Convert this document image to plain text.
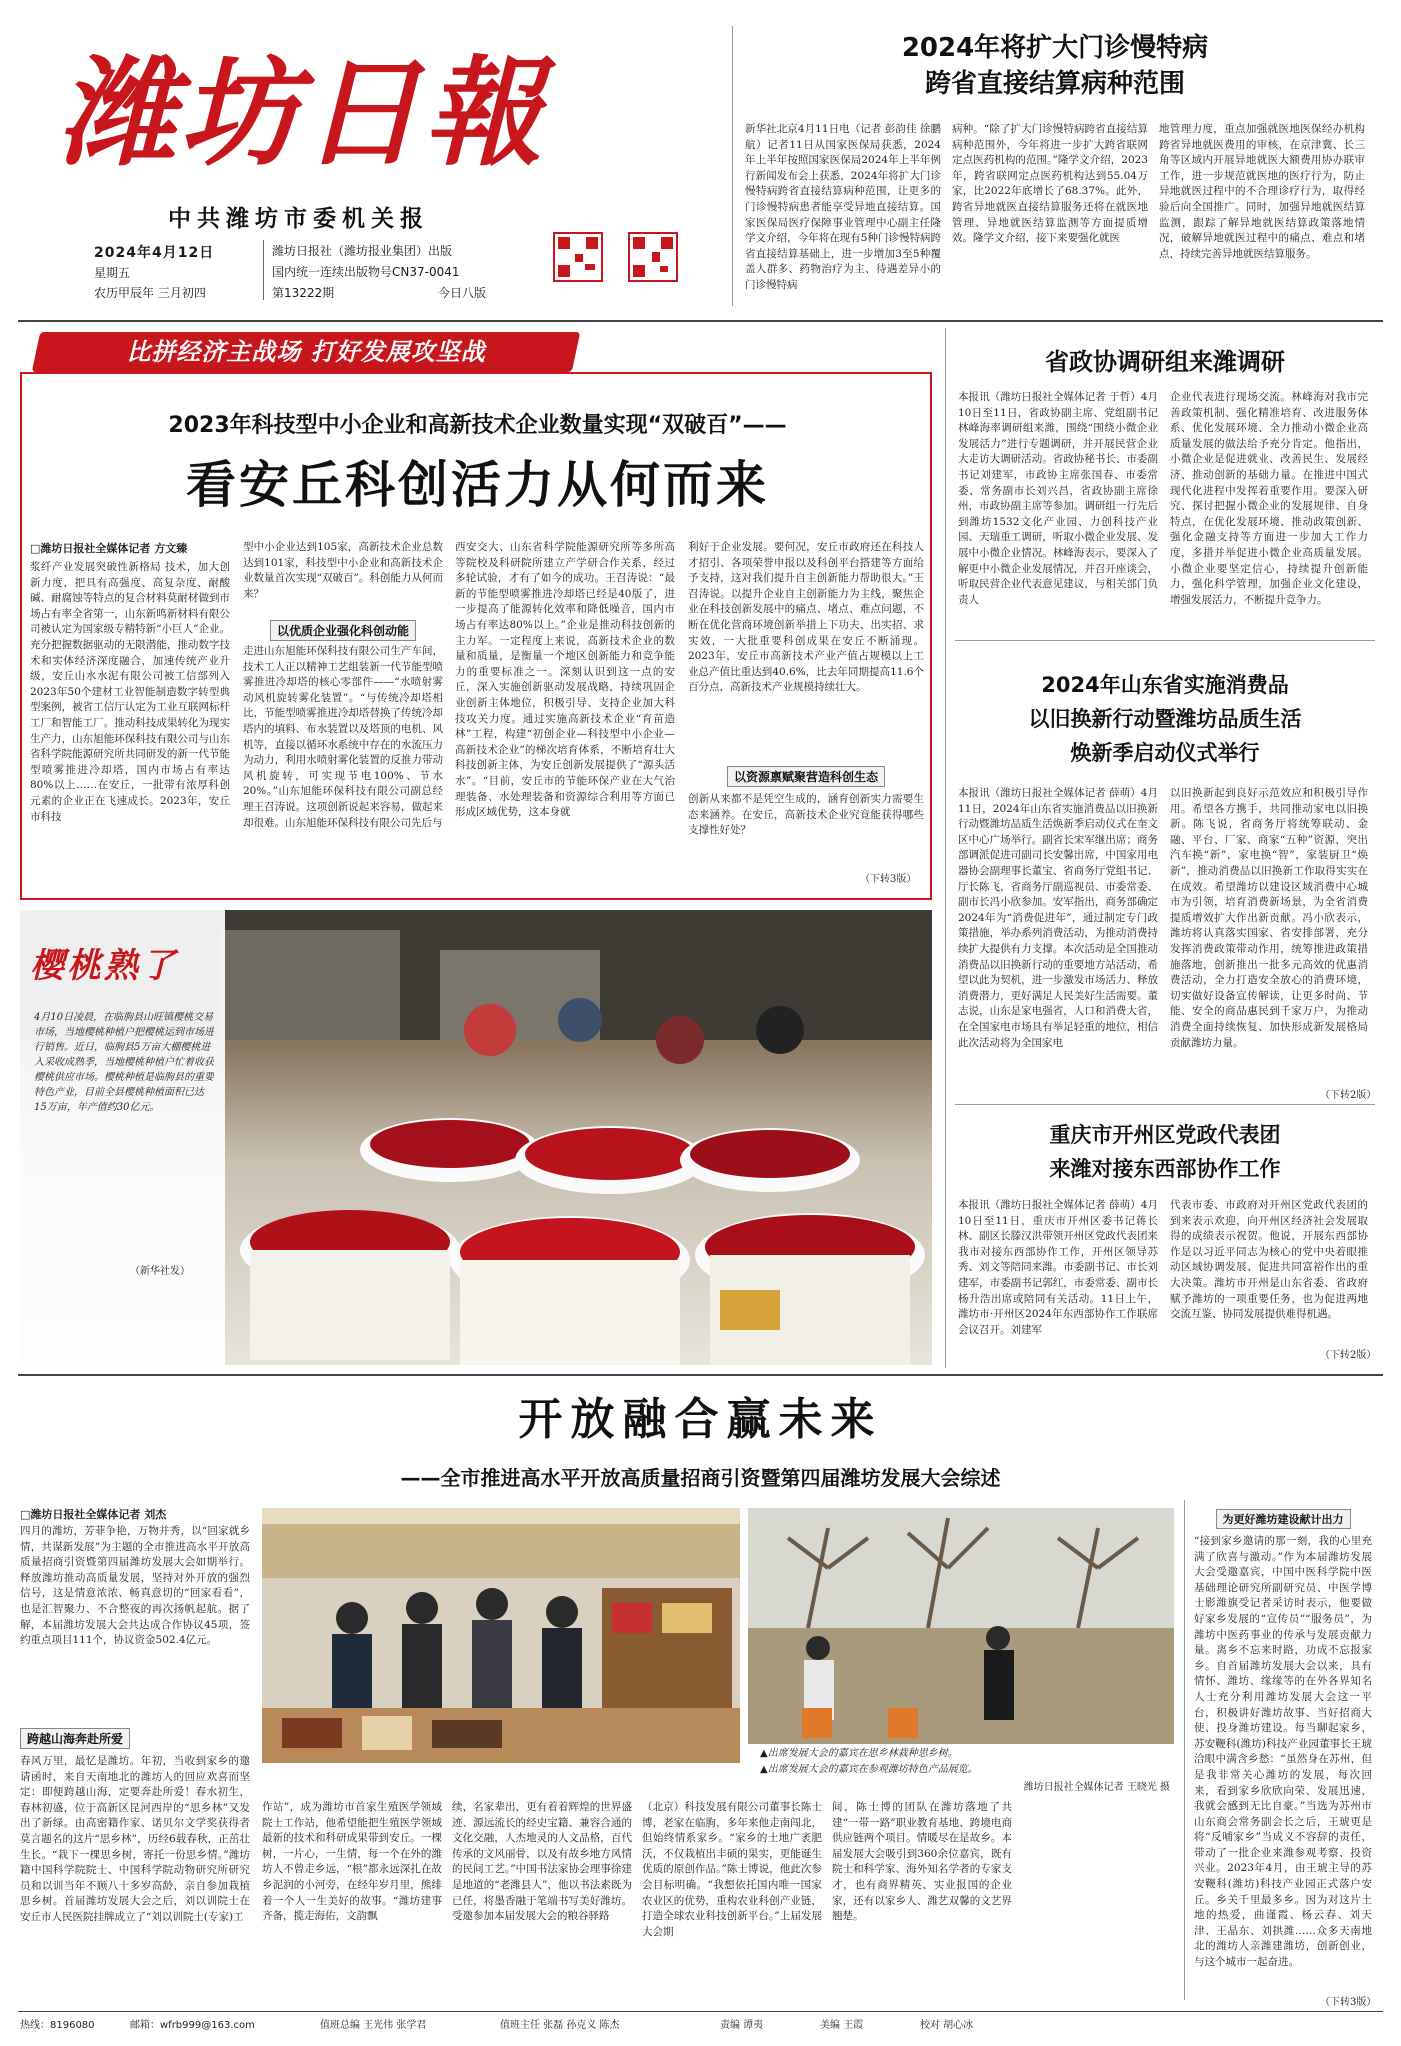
潍坊日報
中共潍坊市委机关报
2024年4月12日
星期五
农历甲辰年 三月初四
潍坊日报社（潍坊报业集团）出版
国内统一连续出版物号CN37-0041
第13222期	今日八版
2024年将扩大门诊慢特病
跨省直接结算病种范围
新华社北京4月11日电（记者 彭韵佳 徐鹏航）记者11日从国家医保局获悉，2024年上半年按照国家医保局2024年上半年例行新闻发布会上获悉，2024年将扩大门诊慢特病跨省直接结算病种范围，让更多的门诊慢特病患者能享受异地直接结算。国家医保局医疗保障事业管理中心副主任隆学文介绍，今年将在现有5种门诊慢特病跨省直接结算基础上，进一步增加3至5种覆盖人群多、药物治疗为主、待遇差异小的门诊慢特病
病种。“除了扩大门诊慢特病跨省直接结算病种范围外，今年将进一步扩大跨省联网定点医药机构的范围。”隆学文介绍，2023年，跨省联网定点医药机构达到55.04万家，比2022年底增长了68.37%。此外，跨省异地就医直接结算服务还将在就医地管理、异地就医结算监测等方面提质增效。隆学文介绍，接下来要强化就医
地管理力度，重点加强就医地医保经办机构跨省异地就医费用的审核，在京津冀、长三角等区域内开展异地就医大额费用协办联审工作，进一步规范就医地的医疗行为，防止异地就医过程中的不合理诊疗行为，取得经验后向全国推广。同时，加强异地就医结算监测，跟踪了解异地就医结算政策落地情况，破解异地就医过程中的痛点、难点和堵点，持续完善异地就医结算服务。
比拼经济主战场 打好发展攻坚战
2023年科技型中小企业和高新技术企业数量实现“双破百”——
看安丘科创活力从何而来
□潍坊日报社全媒体记者 方文臻
浆纤产业发展突破性新格局 技术，加大创新力度，把具有高强度、高复杂度、耐酸碱、耐腐蚀等特点的复合材料莫耐材做到市场占有率全省第一，山东新鸣新材料有限公司被认定为国家级专精特新“小巨人”企业。充分把握数据驱动的无限潜能，推动数字技术和实体经济深度融合，加速传统产业升级，安丘山水水泥有限公司被工信部列入2023年50个建材工业智能制造数字转型典型案例，被省工信厅认定为工业互联网标杆工厂和智能工厂。推动科技成果转化为现实生产力，山东旭能环保科技有限公司与山东省科学院能源研究所共同研发的新一代节能型喷雾推进冷却塔，国内市场占有率达80%以上……在安丘，一批带有浓厚科创元素的企业正在飞速成长。2023年，安丘市科技
型中小企业达到105家，高新技术企业总数达到101家，科技型中小企业和高新技术企业数量首次实现“双破百”。科创能力从何而来？
以优质企业强化科创动能
走进山东旭能环保科技有限公司生产车间，技术工人正以精神工艺组装新一代节能型喷雾推进冷却塔的核心零部件——“水喷射雾动风机旋转雾化装置”。“与传统冷却塔相比，节能型喷雾推进冷却塔替换了传统冷却塔内的填料、布水装置以及塔顶的电机、风机等，直接以循环水系统中存在的水流压力为动力，利用水喷射雾化装置的反推力带动风机旋转，可实现节电100%、节水20%。”山东旭能环保科技有限公司副总经理王召涛说。这项创新说起来容易，做起来却很难。山东旭能环保科技有限公司先后与
西安交大、山东省科学院能源研究所等多所高等院校及科研院所建立产学研合作关系，经过多轮试验，才有了如今的成功。王召涛说：“最新的节能型喷雾推进冷却塔已经是40版了，进一步提高了能源转化效率和降低噪音，国内市场占有率达80%以上。”企业是推动科技创新的主力军。一定程度上来说，高新技术企业的数量和质量，是衡量一个地区创新能力和竞争能力的重要标准之一。深刻认识到这一点的安丘，深入实施创新驱动发展战略，持续巩固企业创新主体地位，积极引导、支持企业加大科技攻关力度。通过实施高新技术企业“育苗造林”工程，构建“初创企业—科技型中小企业—高新技术企业”的梯次培育体系，不断培育壮大科技创新主体，为安丘创新发展提供了“源头活水”。“目前，安丘市的节能环保产业在大气治理装备、水处理装备和资源综合利用等方面已形成区域优势，这本身就
利好于企业发展。要何况，安丘市政府还在科技人才招引、各项荣誉申报以及科创平台搭建等方面给予支持，这对我们提升自主创新能力帮助很大。”王召涛说。以提升企业自主创新能力为主线，聚焦企业在科技创新发展中的痛点、堵点、难点问题，不断在优化营商环境创新举措上下功夫、出实招、求实效，一大批重要科创成果在安丘不断涌现。2023年，安丘市高新技术产业产值占规模以上工业总产值比重达到40.6%，比去年同期提高11.6个百分点，高新技术产业规模持续壮大。
以资源禀赋聚营造科创生态
创新从来都不是凭空生成的，涵育创新实力需要生态来涵养。在安丘，高新技术企业究竟能获得哪些支撑性好处？
（下转3版）
樱桃熟了
4月10日凌晨，在临朐县山旺镇樱桃交易市场，当地樱桃种植户把樱桃运到市场进行销售。近日，临朐县5万亩大棚樱桃进入采收成熟季，当地樱桃种植户忙着收获樱桃供应市场。樱桃种植是临朐县的重要特色产业，目前全县樱桃种植面积已达15万亩，年产值约30亿元。
（新华社发）
省政协调研组来潍调研
本报讯（潍坊日报社全媒体记者 于哲）4月10日至11日，省政协副主席、党组副书记林峰海率调研组来潍，围绕“围绕小微企业发展活力”进行专题调研，并开展民营企业大走访大调研活动。省政协秘书长、市委副书记刘建军，市政协主席张国春、市委常委、常务副市长刘兴昌，省政协副主席徐州，市政协副主席等参加。调研组一行先后到潍坊1532文化产业园、力创科技产业园、天瑞重工调研，听取小微企业发展、发展中小微企业情况。林峰海表示，要深入了解更中小微企业发展情况，并召开座谈会，听取民营企业代表意见建议，与相关部门负责人
企业代表进行现场交流。林峰海对我市完善政策机制、强化精准培育、改进服务体系、优化发展环境、全力推动小微企业高质量发展的做法给予充分肯定。他指出，小微企业是促进就业、改善民生、发展经济、推动创新的基础力量。在推进中国式现代化进程中发挥着重要作用。要深入研究、探讨把握小微企业的发展规律、自身特点，在优化发展环境、推动政策创新、强化金融支持等方面进一步加大工作力度，多措并举促进小微企业高质量发展。小微企业要坚定信心，持续提升创新能力，强化科学管理，加强企业文化建设，增强发展活力，不断提升竞争力。
2024年山东省实施消费品
以旧换新行动暨潍坊品质生活
焕新季启动仪式举行
本报讯（潍坊日报社全媒体记者 薛萌）4月11日，2024年山东省实施消费品以旧换新行动暨潍坊品质生活焕新季启动仪式在奎文区中心广场举行。副省长宋军继出席；商务部调派促进司副司长安馨出席，中国家用电器协会副理事长董宝、省商务厅党组书记、厅长陈飞，省商务厅副巡视员、市委常委、副市长冯小欣参加。安军指出，商务部确定2024年为“消费促进年”，通过制定专门政策措施，举办系列消费活动，为推动消费持续扩大提供有力支撑。本次活动是全国推动消费品以旧换新行动的重要地方站活动，希望以此为契机，进一步激发市场活力、释放消费潜力，更好满足人民美好生活需要。董志说，山东是家电强省，人口和消费大省，在全国家电市场具有举足轻重的地位，相信此次活动将为全国家电
以旧换新起到良好示范效应和积极引导作用。希望各方携手，共同推动家电以旧换新。陈飞说，省商务厅将统筹联动、金融、平台、厂家、商家“五种”资源，突出汽车换“新”，家电换“智”，家装厨卫“焕新”，推动消费品以旧换新工作取得实实在在成效。希望潍坊以建设区域消费中心城市为引领，培育消费新场景，为全省消费提质增效扩大作出新贡献。冯小欣表示，潍坊将认真落实国家、省安排部署，充分发挥消费政策带动作用，统筹推进政策措施落地，创新推出一批多元高效的优惠消费活动，全力打造安全放心的消费环境，切实做好设备宣传解读，让更多时尚、节能、安全的商品惠民到千家万户，为推动消费全面持续恢复、加快形成新发展格局贡献潍坊力量。
（下转2版）
重庆市开州区党政代表团
来潍对接东西部协作工作
本报讯（潍坊日报社全媒体记者 薛萌）4月10日至11日，重庆市开州区委书记蒋长林、副区长滕汉洪带领开州区党政代表团来我市对接东西部协作工作，开州区领导苏秀、刘文等陪同来潍。市委副书记、市长刘建军，市委副书记郭红，市委常委、副市长杨升浩出席或陪同有关活动。11日上午，潍坊市·开州区2024年东西部协作工作联席会议召开。刘建军
代表市委、市政府对开州区党政代表团的到来表示欢迎，向开州区经济社会发展取得的成绩表示祝贺。他说，开展东西部协作是以习近平同志为核心的党中央着眼推动区域协调发展、促进共同富裕作出的重大决策。潍坊市开州是山东省委、省政府赋予潍坊的一项重要任务，也为促进两地交流互鉴、协同发展提供难得机遇。
（下转2版）
开放融合赢未来
——全市推进高水平开放高质量招商引资暨第四届潍坊发展大会综述
□潍坊日报社全媒体记者 刘杰
四月的潍坊，芳菲争艳，万物并秀，以“回家就乡情，共谋新发展”为主题的全市推进高水平开放高质量招商引资暨第四届潍坊发展大会如期举行。释放潍坊推动高质量发展，坚持对外开放的强烈信号，这是情意浓浓、畅真意切的“回家看看”，也是汇智聚力、不合整夜的再次扬帆起航。据了解，本届潍坊发展大会共达成合作协议45项，签约重点项目111个，协议资金502.4亿元。
跨越山海奔赴所爱
春风万里，最忆是潍坊。年初，当收到家乡的邀请函时，来自天南地北的潍坊人的回应欢喜而坚定：即便跨越山海，定要奔赴所爱！春水初生，春林初盛，位于高新区昆河西岸的“思乡林”又发出了新绿。由高密籍作家、诺贝尔文学奖获得者莫言题名的这片“思乡林”，历经6载春秋，正茁壮生长。“栽下一棵思乡树，寄托一份思乡情。”潍坊籍中国科学院院士、中国科学院动物研究所研究员和以训当年不顾八十多岁高龄，亲自参加栽植思乡树。首届潍坊发展大会之后，刘以训院士在安丘市人民医院挂牌成立了“刘以训院士(专家)工
▲出席发展大会的嘉宾在思乡林栽种思乡树。
▲出席发展大会的嘉宾在参观潍坊特色产品展览。
潍坊日报社全媒体记者 王晓光 摄
作站”，成为潍坊市首家生殖医学领域院士工作站，他希望能把生殖医学领域最新的技术和科研成果带到安丘。一棵树，一片心，一生情，每一个在外的潍坊人不曾走乡远，“根”都永远深扎在故乡泥润的小河旁，在经年岁月里，熊绯着一个人一生美好的故事。“潍坊建事齐备，揽走海佑，文韵飘
续，名家辈出，更有着着辉煌的世界盛迹、源远流长的经史宝籍、兼容合通的文化交融，人杰地灵的人文品格，百代传承的文风丽骨，以及有故乡地方风情的民间工艺。”中国书法家协会理事徐建是地道的“老潍县人”，他以书法素既为已任，将墨香融于笔端书写美好潍坊。受邀参加本届发展大会的粮谷驿路
（北京）科技发展有限公司董事长陈士博，老家在临朐，多年来他走南闯北，但始终情系家乡。“家乡的土地广袤肥沃，不仅栽植出丰硕的果实，更能诞生优质的原创作品。”陈士博说，他此次参会目标明确。“我想依托国内唯一国家农业区的优势，重构农业科创产业链，打造全球农业科技创新平台。”上届发展大会期
间，陈士博的团队在潍坊落地了共建“一带一路”职业教育基地、跨境电商供应链两个项目。情暖尽在是故乡。本届发展大会吸引到360余位嘉宾，既有院士和科学家、海外知名学者的专家支才，也有商界精英、实业报国的企业家，还有以家乡人、潍艺双馨的文艺界翘楚。
为更好潍坊建设献计出力
“接到家乡邀请的那一刻，我的心里充满了欣喜与激动。”作为本届潍坊发展大会受邀嘉宾，中国中医科学院中医基础理论研究所副研究员、中医学博士影潍旗受记者采访时表示，他要做好家乡发展的“宣传员”“服务员”，为潍坊中医药事业的传承与发展贡献力量。离乡不忘来时路，功成不忘报家乡。自首届潍坊发展大会以来，具有情怀、潍坊、缘缘等的在外各界知名人士充分利用潍坊发展大会这一平台，积极讲好潍坊故事、当好招商大使、投身潍坊建设。每当聊起家乡，苏安鞭科(潍坊)科技产业园董事长王琥洽眼中满含乡愁：“虽然身在苏州，但是我非常关心潍坊的发展，每次回来，看到家乡欣欣向荣、发展迅速，我就会感到无比自豪。”当选为苏州市山东商会常务副会长之后，王琥更是将“反哺家乡”当成义不容辞的责任，带动了一批企业来潍参观考察、投资兴业。2023年4月，由王琥主导的苏安鞭科(潍坊)科技产业园正式落户安丘。乡关千里最多乡。因为对这片土地的热爱，曲谨霞、杨云春、刘天津、王晶东、刘拱潍……众多天南地北的潍坊人亲潍建潍坊，创新创业，与这个城市一起奋进。
（下转3版）
热线：8196080	邮箱：wfrb999@163.com	值班总编 王光伟 张学君	值班主任 张磊 孙克义 陈杰	责编 谭夷	美编 王霞	校对 胡心冰
